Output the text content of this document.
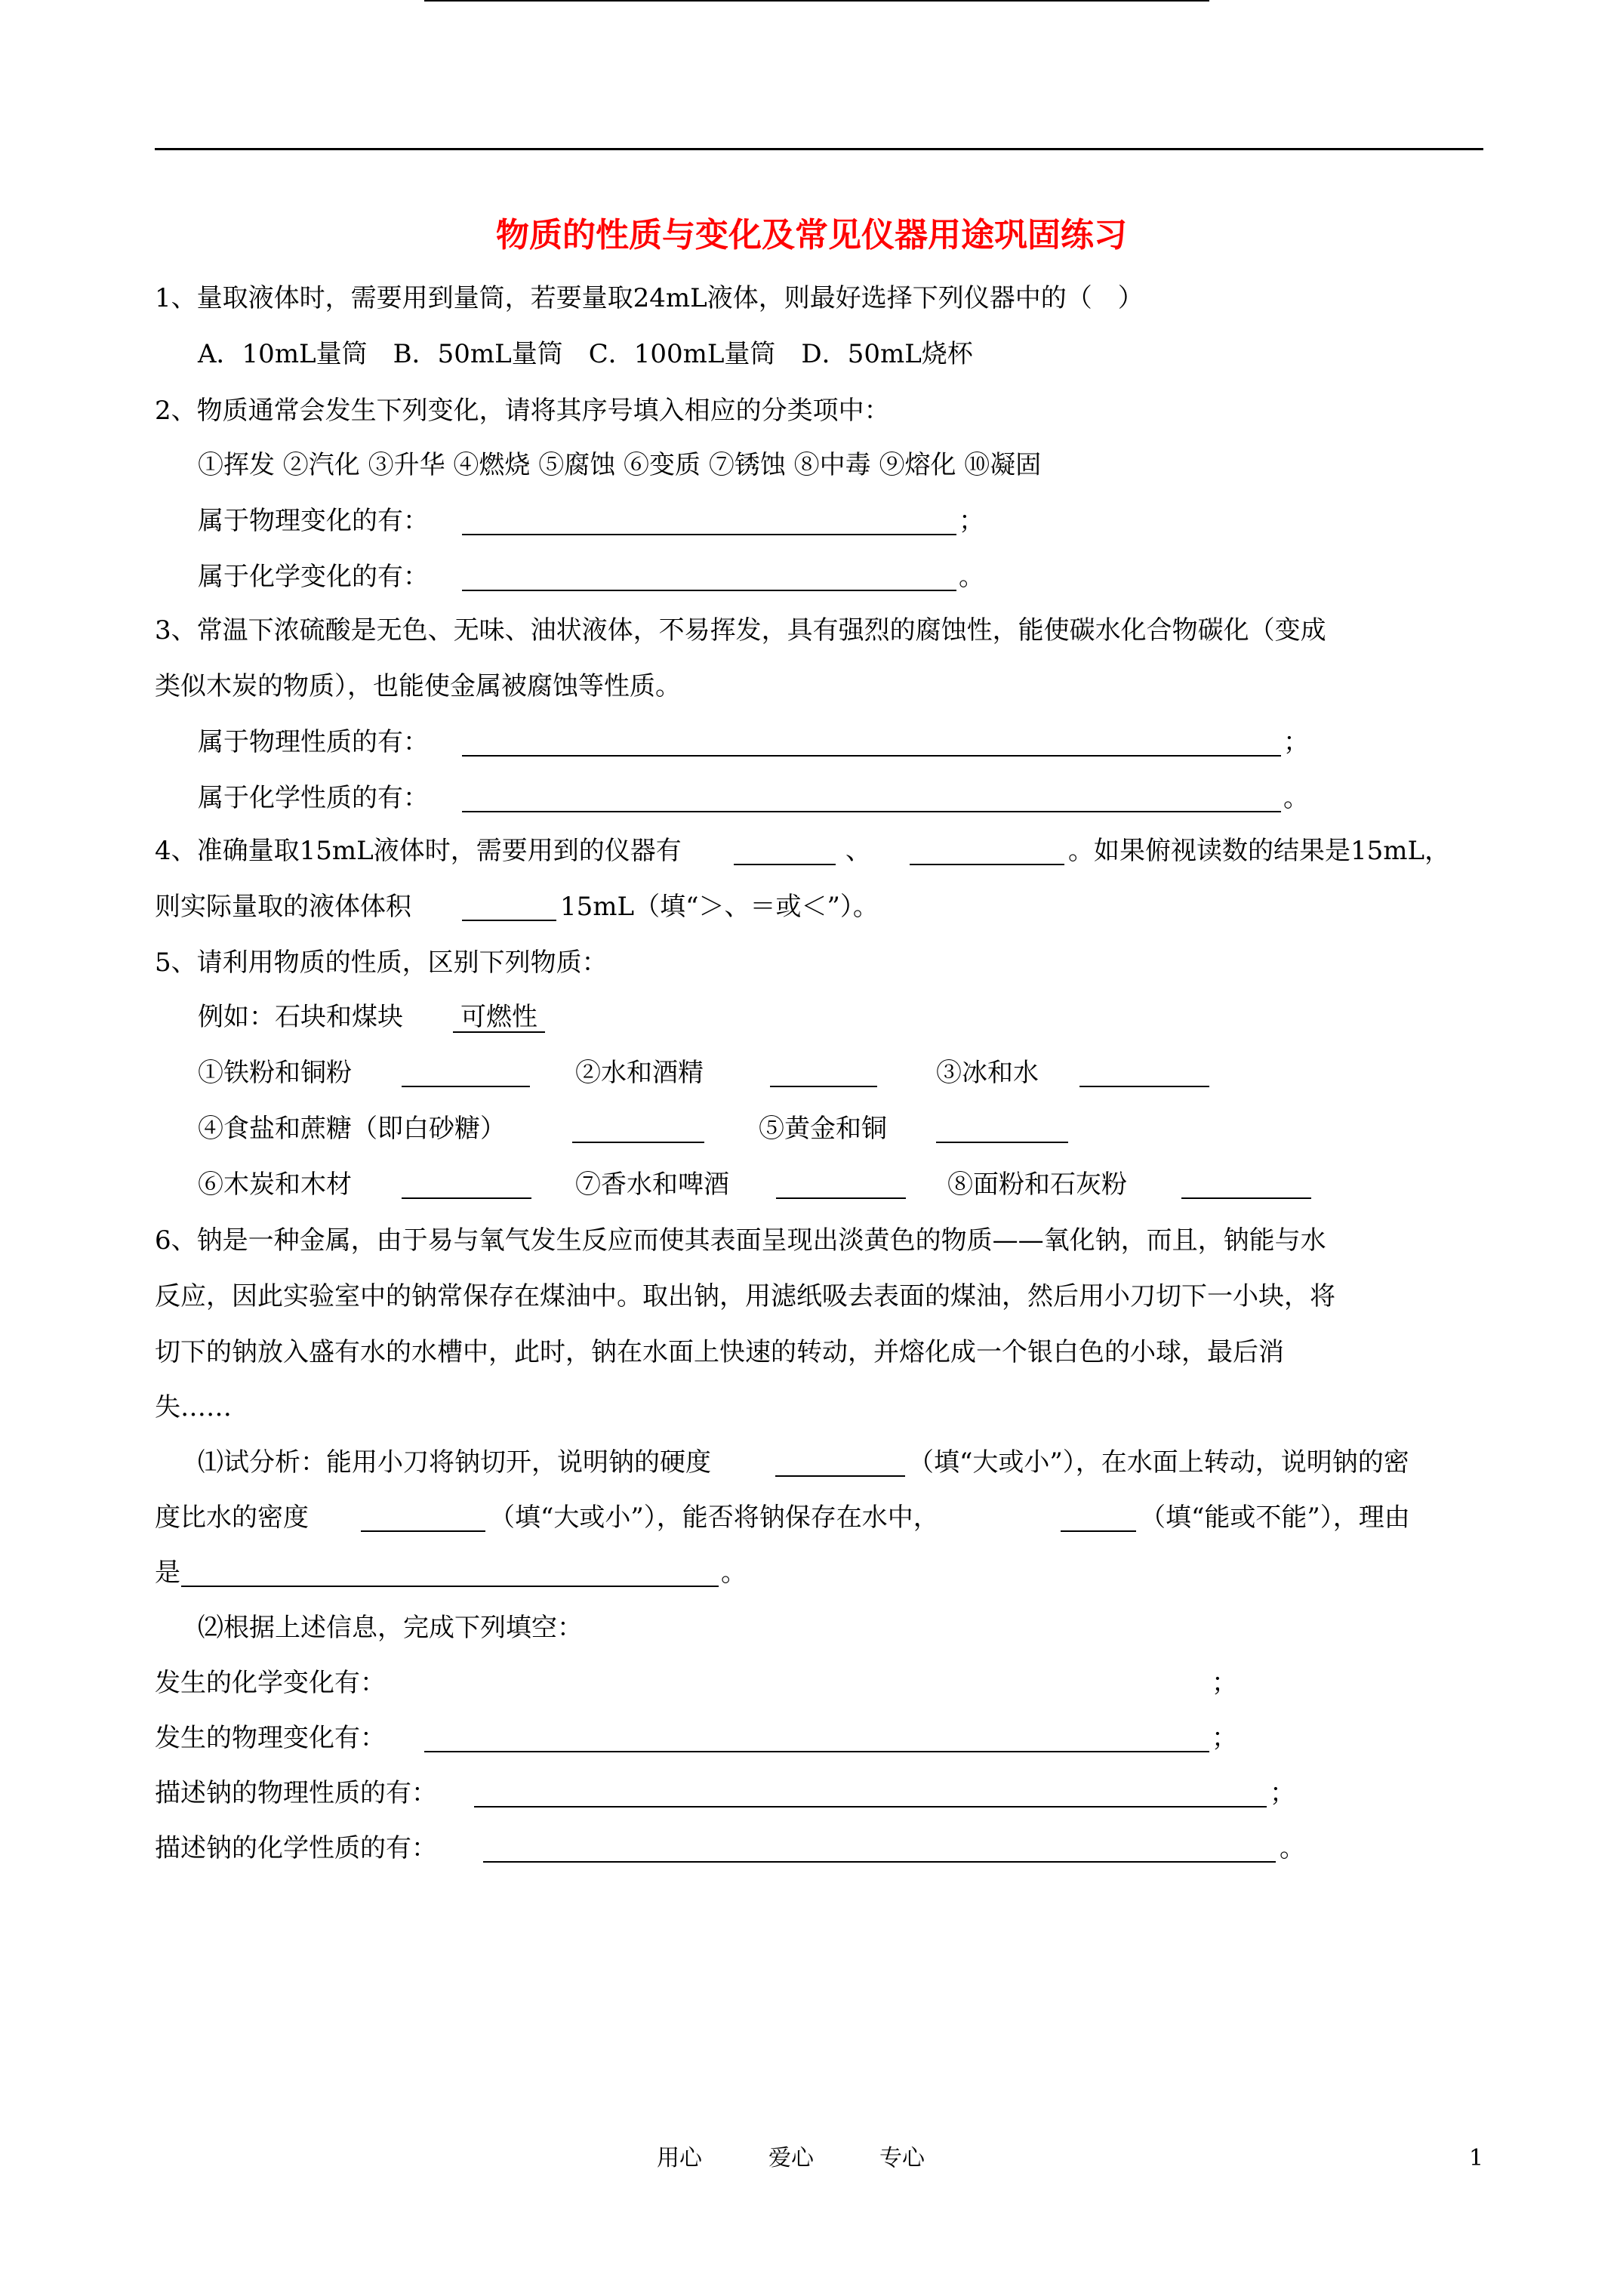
物质的性质与变化及常见仪器用途巩固练习
1、量取液体时，需要用到量筒，若要量取24mL液体，则最好选择下列仪器中的（　）
A．10mL量筒　B．50mL量筒　C．100mL量筒　D．50mL烧杯
2、物质通常会发生下列变化，请将其序号填入相应的分类项中：
①挥发 ②汽化 ③升华 ④燃烧 ⑤腐蚀 ⑥变质 ⑦锈蚀 ⑧中毒 ⑨熔化 ⑩凝固
属于物理变化的有：	；
属于化学变化的有：	。
3、常温下浓硫酸是无色、无味、油状液体，不易挥发，具有强烈的腐蚀性，能使碳水化合物碳化（变成
类似木炭的物质），也能使金属被腐蚀等性质。
属于物理性质的有：	；
属于化学性质的有：	。
4、准确量取15mL液体时，需要用到的仪器有	、	。如果俯视读数的结果是15mL，
则实际量取的液体体积	15mL（填“＞、＝或＜”）。
5、请利用物质的性质，区别下列物质：
例如：石块和煤块 可燃性
①铁粉和铜粉	②水和酒精	③冰和水
④食盐和蔗糖（即白砂糖）	⑤黄金和铜
⑥木炭和木材	⑦香水和啤酒	⑧面粉和石灰粉
6、钠是一种金属，由于易与氧气发生反应而使其表面呈现出淡黄色的物质——氧化钠，而且，钠能与水
反应，因此实验室中的钠常保存在煤油中。取出钠，用滤纸吸去表面的煤油，然后用小刀切下一小块，将
切下的钠放入盛有水的水槽中，此时，钠在水面上快速的转动，并熔化成一个银白色的小球，最后消
失……
⑴试分析：能用小刀将钠切开，说明钠的硬度	（填“大或小”），在水面上转动，说明钠的密
度比水的密度	（填“大或小”），能否将钠保存在水中，	（填“能或不能”），理由
是	。
⑵根据上述信息，完成下列填空：
发生的化学变化有：	；
发生的物理变化有：	；
描述钠的物理性质的有：	；
描述钠的化学性质的有：	。
用心	爱心	专心	1
